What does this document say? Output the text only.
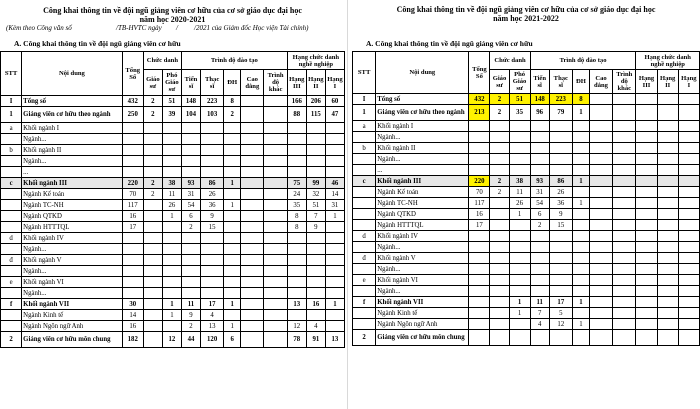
Công khai thông tin về đội ngũ giảng viên cơ hữu của cơ sở giáo dục đại học
năm học 2020-2021
(Kèm theo Công văn số	/TB-HVTC ngày	/	/2021 của Giám đốc Học viện Tài chính)
A. Công khai thông tin về đội ngũ giảng viên cơ hữu
STT	Nội dung	Tổng Số	Chức danh		Trình độ đào tạo					Hạng chức danh nghề nghiệp		
			Giáo sư	Phó Giáo sư	Tiến sĩ	Thạc sĩ	ĐH	Cao đẳng	Trình độ khác	Hạng III	Hạng II	Hạng I

I	Tổng số	432	2	51	148	223	8			166	206	60
1	Giảng viên cơ hữu theo ngành	250	2	39	104	103	2			88	115	47
a	Khối ngành I											
	Ngành...											
b	Khối ngành II											
	Ngành...											
	...											
c	Khối ngành III	220	2	38	93	86	1			75	99	46
	Ngành Kế toán	70	2	11	31	26				24	32	14
	Ngành TC-NH	117		26	54	36	1			35	51	31
	Ngành QTKD	16		1	6	9				8	7	1
	Ngành HTTTQL	17			2	15				8	9	
d	Khối ngành IV											
	Ngành...											
đ	Khối ngành V											
	Ngành...											
e	Khối ngành VI											
	Ngành...											
f	Khối ngành VII	30		1	11	17	1			13	16	1
	Ngành Kinh tế	14		1	9	4						
	Ngành Ngôn ngữ Anh	16			2	13	1			12	4	
2	Giảng viên cơ hữu môn chung	182		12	44	120	6			78	91	13
Công khai thông tin về đội ngũ giảng viên cơ hữu của cơ sở giáo dục đại học
năm học 2021-2022
A. Công khai thông tin về đội ngũ giảng viên cơ hữu
STT	Nội dung	Tổng Số	Chức danh		Trình độ đào tạo					Hạng chức danh nghề nghiệp		
			Giáo sư	Phó Giáo sư	Tiến sĩ	Thạc sĩ	ĐH	Cao đẳng	Trình độ khác	Hạng III	Hạng II	Hạng I

I	Tổng số	432	2	51	148	223	8					
1	Giảng viên cơ hữu theo ngành	213	2	35	96	79	1					
a	Khối ngành I											
	Ngành...											
b	Khối ngành II											
	Ngành...											
	...											
c	Khối ngành III	220	2	38	93	86	1					
	Ngành Kế toán	70	2	11	31	26						
	Ngành TC-NH	117		26	54	36	1					
	Ngành QTKD	16		1	6	9						
	Ngành HTTTQL	17			2	15						
d	Khối ngành IV											
	Ngành...											
đ	Khối ngành V											
	Ngành...											
e	Khối ngành VI											
	Ngành...											
f	Khối ngành VII			1	11	17	1					
	Ngành Kinh tế			1	7	5						
	Ngành Ngôn ngữ Anh				4	12	1					
2	Giảng viên cơ hữu môn chung											
